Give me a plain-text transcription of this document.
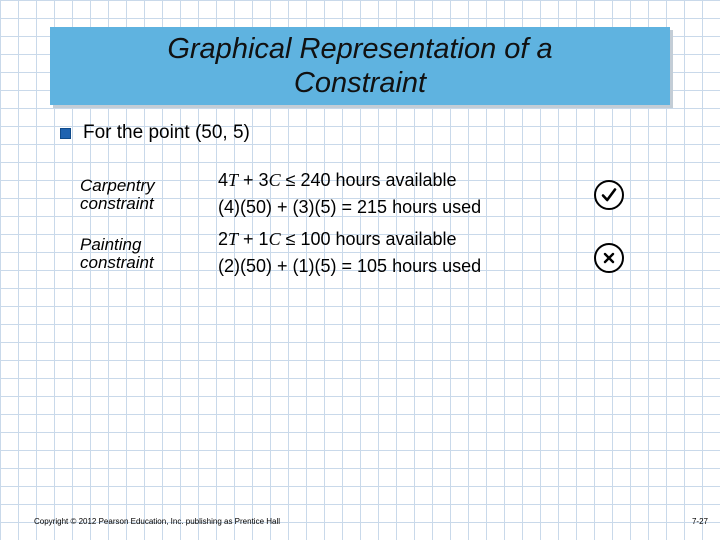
Graphical Representation of a
Constraint
For the point (50, 5)
Carpentry
constraint
4T + 3C ≤ 240 hours available
(4)(50) + (3)(5) = 215 hours used
Painting
constraint
2T + 1C ≤ 100 hours available
(2)(50) + (1)(5) = 105 hours used
Copyright © 2012 Pearson Education, Inc. publishing as Prentice Hall	7-27
